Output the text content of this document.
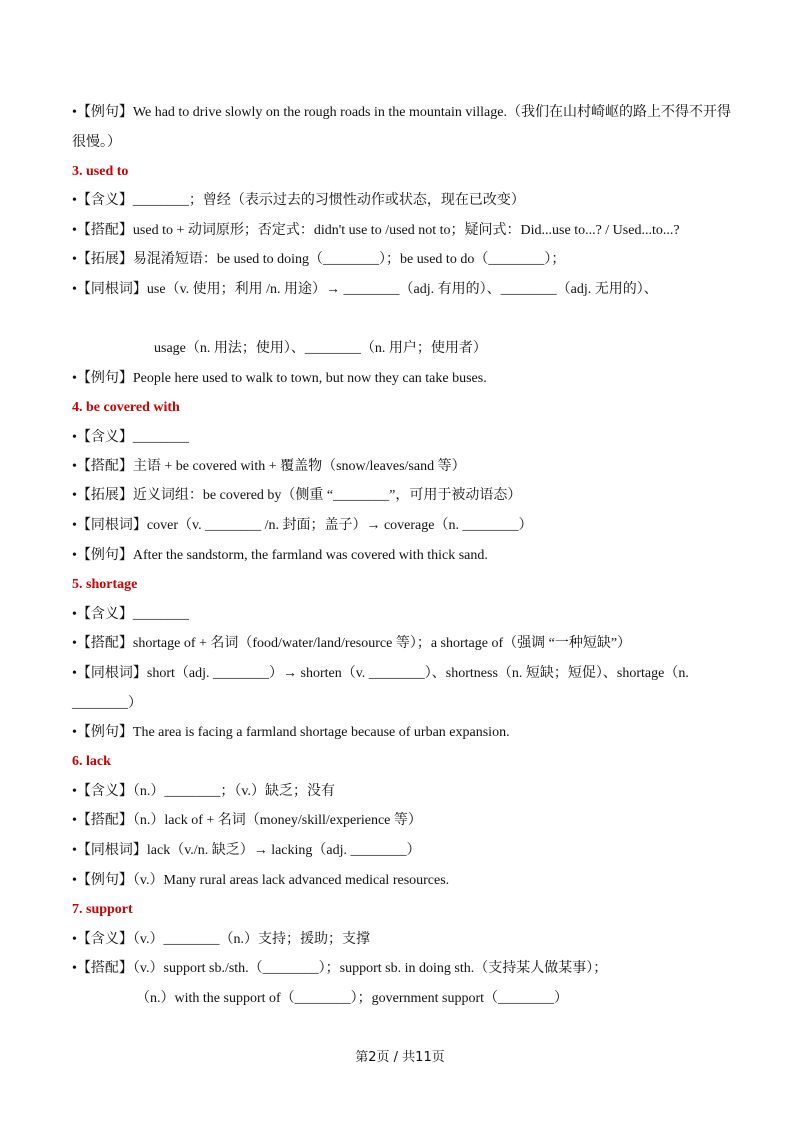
•【例句】We had to drive slowly on the rough roads in the mountain village.（我们在山村崎岖的路上不得不开得很慢。）
3. used to
•【含义】________；曾经（表示过去的习惯性动作或状态，现在已改变）
•【搭配】used to + 动词原形；否定式：didn't use to /used not to；疑问式：Did...use to...? / Used...to...?
•【拓展】易混淆短语：be used to doing（________）；be used to do（________）；
•【同根词】use（v. 使用；利用 /n. 用途）→ ________（adj. 有用的）、________（adj. 无用的）、
usage（n. 用法；使用）、________（n. 用户；使用者）
•【例句】People here used to walk to town, but now they can take buses.
4. be covered with
•【含义】________
•【搭配】主语 + be covered with + 覆盖物（snow/leaves/sand 等）
•【拓展】近义词组：be covered by（侧重 “________”，可用于被动语态）
•【同根词】cover（v. ________ /n. 封面；盖子）→ coverage（n. ________）
•【例句】After the sandstorm, the farmland was covered with thick sand.
5. shortage
•【含义】________
•【搭配】shortage of + 名词（food/water/land/resource 等）；a shortage of（强调 “一种短缺”）
•【同根词】short（adj. ________）→ shorten（v. ________）、shortness（n. 短缺；短促）、shortage（n. ________）
•【例句】The area is facing a farmland shortage because of urban expansion.
6. lack
•【含义】（n.）________；（v.）缺乏；没有
•【搭配】（n.）lack of + 名词（money/skill/experience 等）
•【同根词】lack（v./n. 缺乏）→ lacking（adj. ________）
•【例句】（v.）Many rural areas lack advanced medical resources.
7. support
•【含义】（v.）________（n.）支持；援助；支撑
•【搭配】（v.）support sb./sth.（________）；support sb. in doing sth.（支持某人做某事）；
（n.）with the support of（________）；government support（________）
第2页 / 共11页
